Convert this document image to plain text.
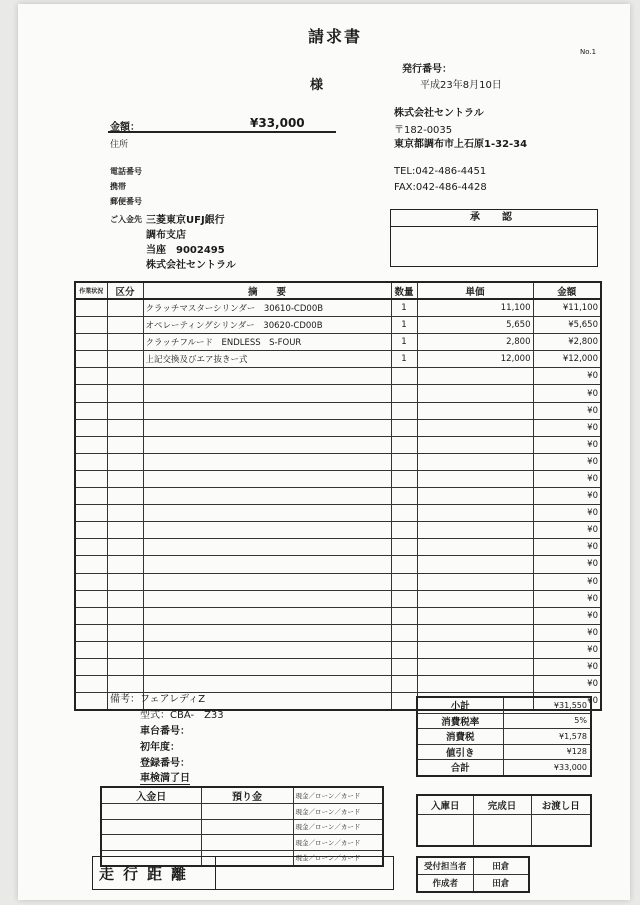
請求書
No.1
発行番号：
平成23年8月10日
様
金額：	¥33,000
住所
株式会社セントラル
〒182-0035
東京都調布市上石原1-32-34
TEL:042-486-4451
FAX:042-486-4428
電話番号
携帯
郵便番号
ご入金先 三菱東京UFJ銀行
調布支店
当座　9002495
株式会社セントラル
承　認
作業状況	区分	摘　　要	数量	単価	金額
		クラッチマスターシリンダー　30610-CD00B	1	11,100	¥11,100
		オペレーティングシリンダー　30620-CD00B	1	5,650	¥5,650
		クラッチフルード　ENDLESS　S-FOUR	1	2,800	¥2,800
		上記交換及びエア抜きー式	1	12,000	¥12,000
					¥0
					¥0
					¥0
					¥0
					¥0
					¥0
					¥0
					¥0
					¥0
					¥0
					¥0
					¥0
					¥0
					¥0
					¥0
					¥0
					¥0
					¥0
					¥0
					¥0
備考： フェアレディZ
型式：CBA-　Z33
車台番号：
初年度：
登録番号：
車検満了日
小計	¥31,550
消費税率	5%
消費税	¥1,578
値引き	¥128
合計	¥33,000
入金日	預り金	現金／ローン／カード
		現金／ローン／カード
		現金／ローン／カード
		現金／ローン／カード
		現金／ローン／カード
入庫日	完成日	お渡し日

走行距離	受付担当者	田倉
作成者	田倉
